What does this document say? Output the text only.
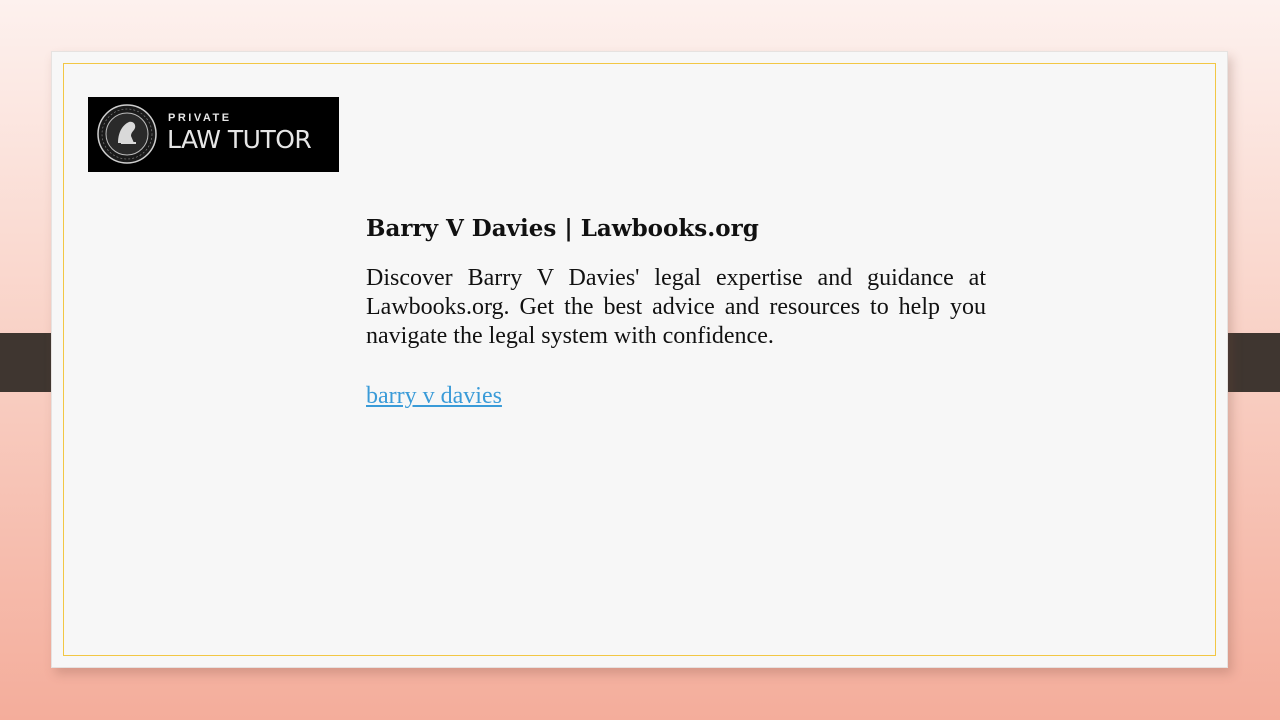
PRIVATE
LAW TUTOR
Barry V Davies | Lawbooks.org

Discover Barry V Davies' legal expertise and guidance at Lawbooks.org. Get the best advice and resources to help you navigate the legal system with confidence.

barry v davies
